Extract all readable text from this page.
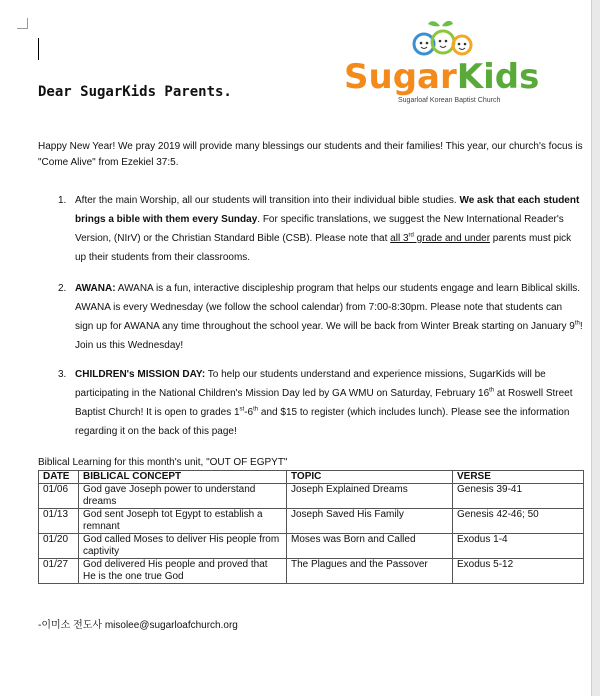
Dear SugarKids Parents.	SugarKids
Sugarloaf Korean Baptist Church
Happy New Year! We pray 2019 will provide many blessings our students and their families! This year, our church's focus is "Come Alive" from Ezekiel 37:5.
1. After the main Worship, all our students will transition into their individual bible studies. We ask that each student brings a bible with them every Sunday. For specific translations, we suggest the New International Reader's Version, (NIrV) or the Christian Standard Bible (CSB). Please note that all 3rd grade and under parents must pick up their students from their classrooms.
2. AWANA: AWANA is a fun, interactive discipleship program that helps our students engage and learn Biblical skills. AWANA is every Wednesday (we follow the school calendar) from 7:00-8:30pm. Please note that students can sign up for AWANA any time throughout the school year. We will be back from Winter Break starting on January 9th! Join us this Wednesday!
3. CHILDREN's MISSION DAY: To help our students understand and experience missions, SugarKids will be participating in the National Children's Mission Day led by GA WMU on Saturday, February 16th at Roswell Street Baptist Church! It is open to grades 1st-6th and $15 to register (which includes lunch). Please see the information regarding it on the back of this page!
Biblical Learning for this month's unit, "OUT OF EGPYT"
DATE	BIBLICAL CONCEPT	TOPIC	VERSE
01/06	God gave Joseph power to understand dreams	Joseph Explained Dreams	Genesis 39-41
01/13	God sent Joseph tot Egypt to establish a remnant	Joseph Saved His Family	Genesis 42-46; 50
01/20	God called Moses to deliver His people from captivity	Moses was Born and Called	Exodus 1-4
01/27	God delivered His people and proved that He is the one true God	The Plagues and the Passover	Exodus 5-12
-이미소 전도사 misolee@sugarloafchurch.org
